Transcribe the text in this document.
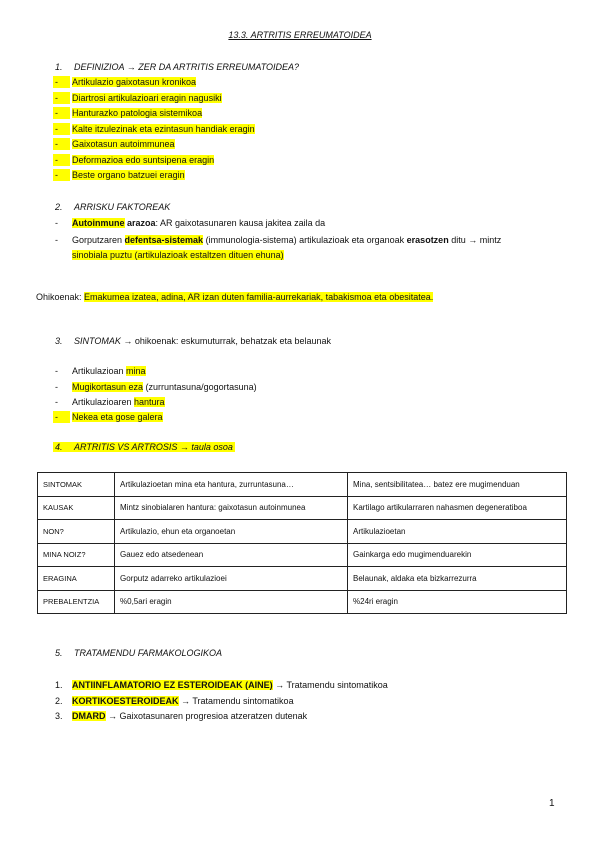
13.3. ARTRITIS ERREUMATOIDEA
1. DEFINIZIOA → ZER DA ARTRITIS ERREUMATOIDEA?
- Artikulazio gaixotasun kronikoa
- Diartrosi artikulazioari eragin nagusiki
- Hanturazko patologia sistemikoa
- Kalte itzulezinak eta ezintasun handiak eragin
- Gaixotasun autoimmunea
- Deformazioa edo suntsipena eragin
- Beste organo batzuei eragin
2. ARRISKU FAKTOREAK
- Autoinmune arazoa: AR gaixotasunaren kausa jakitea zaila da
- Gorputzaren defentsa-sistemak (immunologia-sistema) artikulazioak eta organoak erasotzen ditu → mintz
sinobiala puztu (artikulazioak estaltzen dituen ehuna)
Ohikoenak: Emakumea izatea, adina, AR izan duten familia-aurrekariak, tabakismoa eta obesitatea.
3. SINTOMAK → ohikoenak: eskumuturrak, behatzak eta belaunak
- Artikulazioan mina
- Mugikortasun eza (zurruntasuna/gogortasuna)
- Artikulazioaren hantura
- Nekea eta gose galera
4. ARTRITIS VS ARTROSIS → taula osoa
SINTOMAK	Artikulazioetan mina eta hantura, zurruntasuna…	Mina, sentsibilitatea… batez ere mugimenduan
KAUSAK	Mintz sinobialaren hantura: gaixotasun autoinmunea	Kartilago artikularraren nahasmen degeneratiboa
NON?	Artikulazio, ehun eta organoetan	Artikulazioetan
MINA NOIZ?	Gauez edo atsedenean	Gainkarga edo mugimenduarekin
ERAGINA	Gorputz adarreko artikulazioei	Belaunak, aldaka eta bizkarrezurra
PREBALENTZIA	%0,5ari eragin	%24ri eragin
5. TRATAMENDU FARMAKOLOGIKOA
1. ANTIINFLAMATORIO EZ ESTEROIDEAK (AINE) → Tratamendu sintomatikoa
2. KORTIKOESTEROIDEAK → Tratamendu sintomatikoa
3. DMARD → Gaixotasunaren progresioa atzeratzen dutenak
1
